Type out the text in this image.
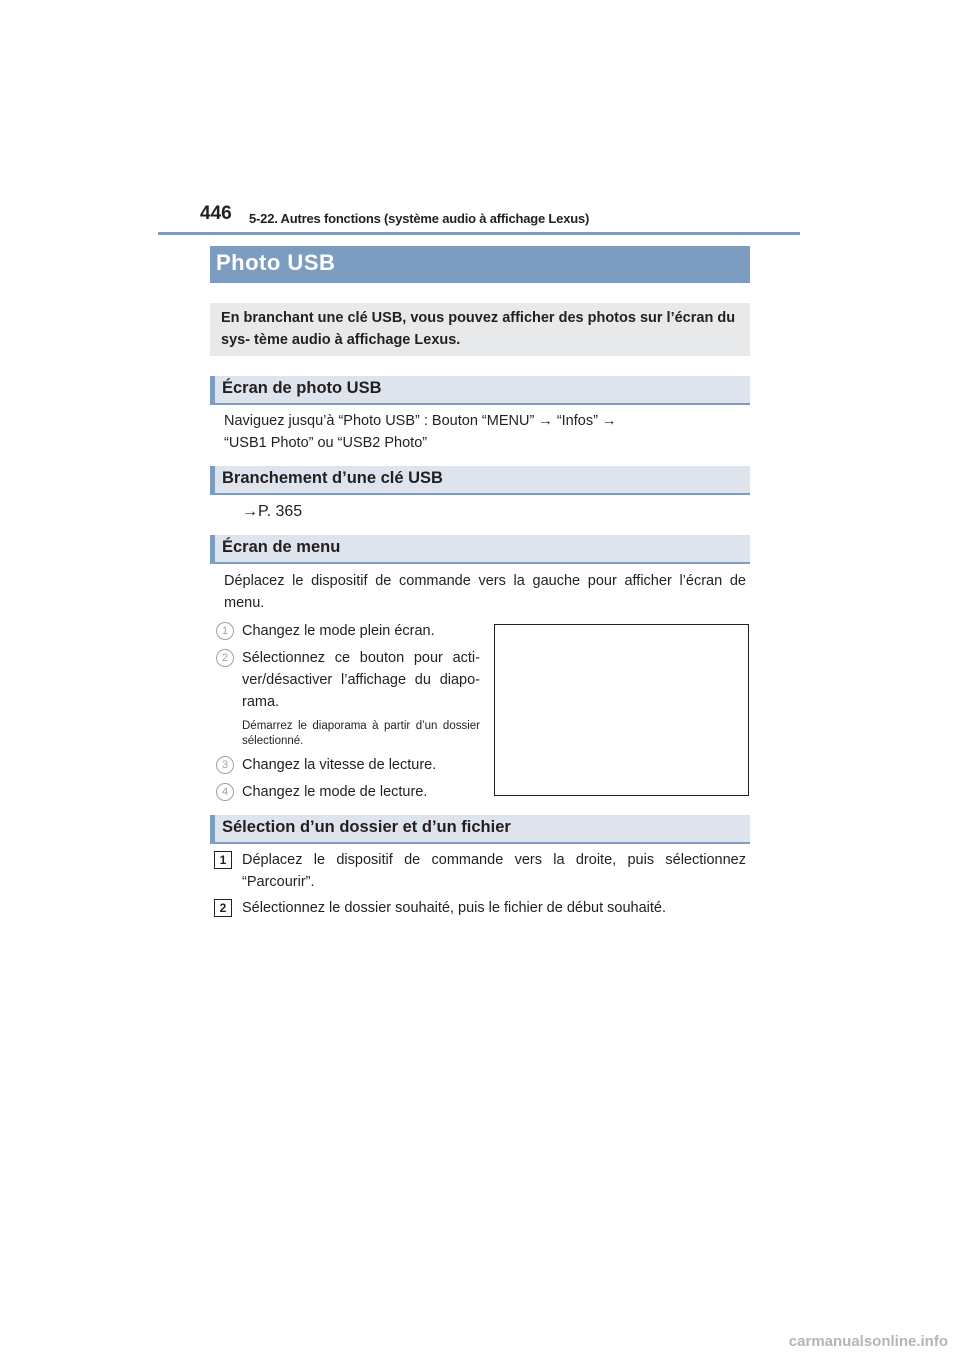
446 5-22. Autres fonctions (système audio à affichage Lexus)
Photo USB
En branchant une clé USB, vous pouvez afficher des photos sur l’écran du sys- tème audio à affichage Lexus.
Écran de photo USB
Naviguez jusqu’à “Photo USB” : Bouton “MENU” → “Infos” →
“USB1 Photo” ou “USB2 Photo”
Branchement d’une clé USB
→P. 365
Écran de menu
Déplacez le dispositif de commande vers la gauche pour afficher l’écran de menu.
1 Changez le mode plein écran.
2 Sélectionnez ce bouton pour acti- ver/désactiver l’affichage du diapo- rama.
Démarrez le diaporama à partir d’un dossier sélectionné.
3 Changez la vitesse de lecture.
4 Changez le mode de lecture.
Sélection d’un dossier et d’un fichier
1	Déplacez le dispositif de commande vers la droite, puis sélectionnez “Parcourir”.
2	Sélectionnez le dossier souhaité, puis le fichier de début souhaité.
carmanualsonline.info
